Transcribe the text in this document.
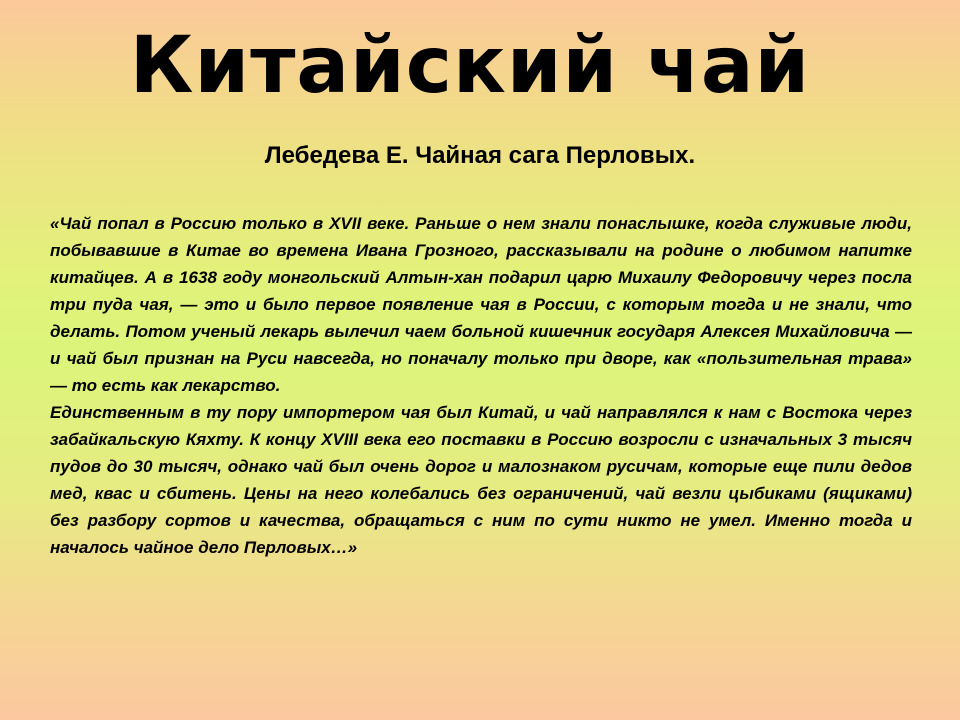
Китайский чай
Лебедева Е. Чайная сага Перловых.

«Чай попал в Россию только в XVII веке. Раньше о нем знали понаслышке, когда служивые люди, побывавшие в Китае во времена Ивана Грозного, рассказывали на родине о любимом напитке китайцев. А в 1638 году монгольский Алтын-хан подарил царю Михаилу Федоровичу через посла три пуда чая, — это и было первое появление чая в России, с которым тогда и не знали, что делать. Потом ученый лекарь вылечил чаем больной кишечник государя Алексея Михайловича — и чай был признан на Руси навсегда, но поначалу только при дворе, как «пользительная трава» — то есть как лекарство.

Единственным в ту пору импортером чая был Китай, и чай направлялся к нам с Востока через забайкальскую Кяхту. К концу XVIII века его поставки в Россию возросли с изначальных 3 тысяч пудов до 30 тысяч, однако чай был очень дорог и малознаком русичам, которые еще пили дедов мед, квас и сбитень. Цены на него колебались без ограничений, чай везли цыбиками (ящиками) без разбору сортов и качества, обращаться с ним по сути никто не умел. Именно тогда и началось чайное дело Перловых…»
